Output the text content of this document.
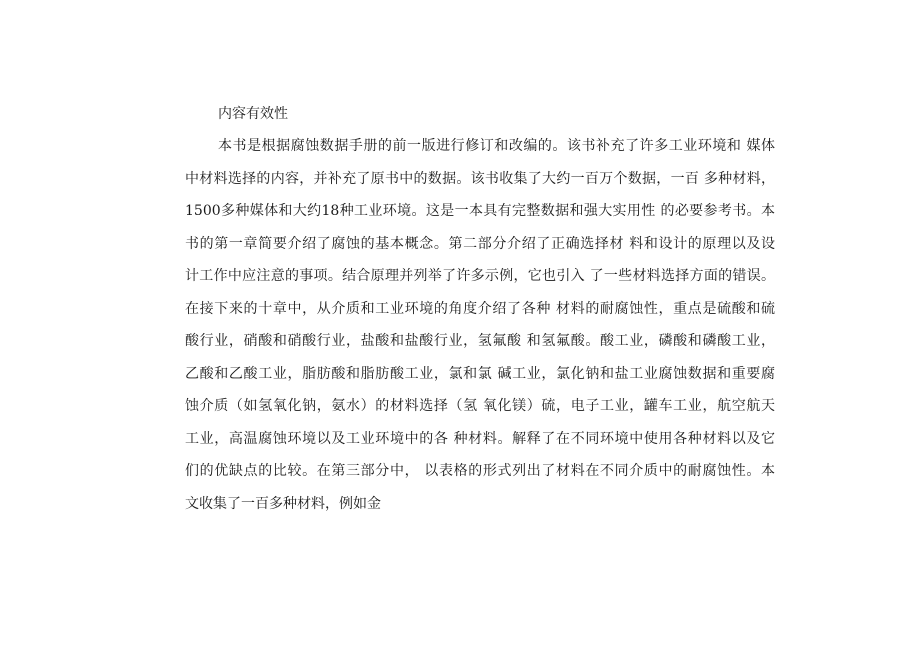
内容有效性
本书是根据腐蚀数据手册的前一版进行修订和改编的。该书补充了许多工业环境和 媒体
中材料选择的内容，并补充了原书中的数据。该书收集了大约一百万个数据，一百 多种材料，
1500多种媒体和大约18种工业环境。这是一本具有完整数据和强大实用性 的必要参考书。本
书的第一章简要介绍了腐蚀的基本概念。第二部分介绍了正确选择材 料和设计的原理以及设
计工作中应注意的事项。结合原理并列举了许多示例，它也引入 了一些材料选择方面的错误。
在接下来的十章中，从介质和工业环境的角度介绍了各种 材料的耐腐蚀性，重点是硫酸和硫
酸行业，硝酸和硝酸行业，盐酸和盐酸行业，氢氟酸 和氢氟酸。酸工业，磷酸和磷酸工业，
乙酸和乙酸工业，脂肪酸和脂肪酸工业，氯和氯 碱工业，氯化钠和盐工业腐蚀数据和重要腐
蚀介质（如氢氧化钠，氨水）的材料选择（氢 氧化镁）硫，电子工业，罐车工业，航空航天
工业，高温腐蚀环境以及工业环境中的各 种材料。解释了在不同环境中使用各种材料以及它
们的优缺点的比较。在第三部分中， 以表格的形式列出了材料在不同介质中的耐腐蚀性。本
文收集了一百多种材料，例如金
